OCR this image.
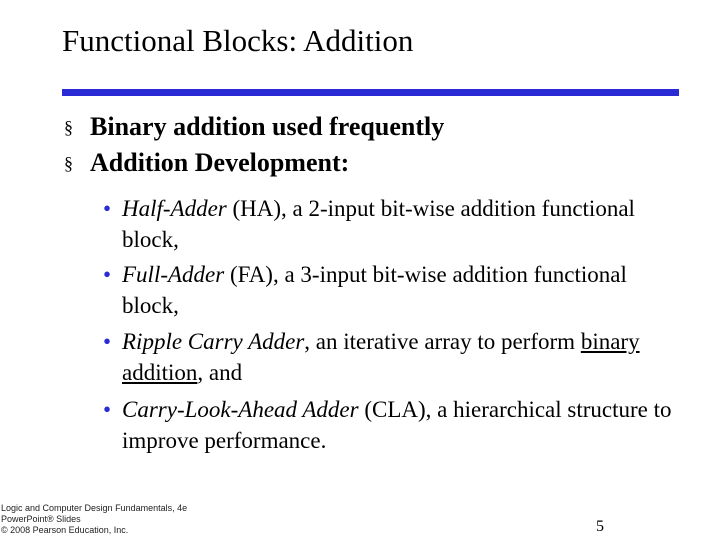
Functional Blocks: Addition
§ Binary addition used frequently
§ Addition Development:
• Half-Adder (HA), a 2-input bit-wise addition functional block,
• Full-Adder (FA), a 3-input bit-wise addition functional block,
• Ripple Carry Adder, an iterative array to perform binary addition, and
• Carry-Look-Ahead Adder (CLA), a hierarchical structure to improve performance.
Logic and Computer Design Fundamentals, 4e
PowerPoint® Slides
© 2008 Pearson Education, Inc.	5
